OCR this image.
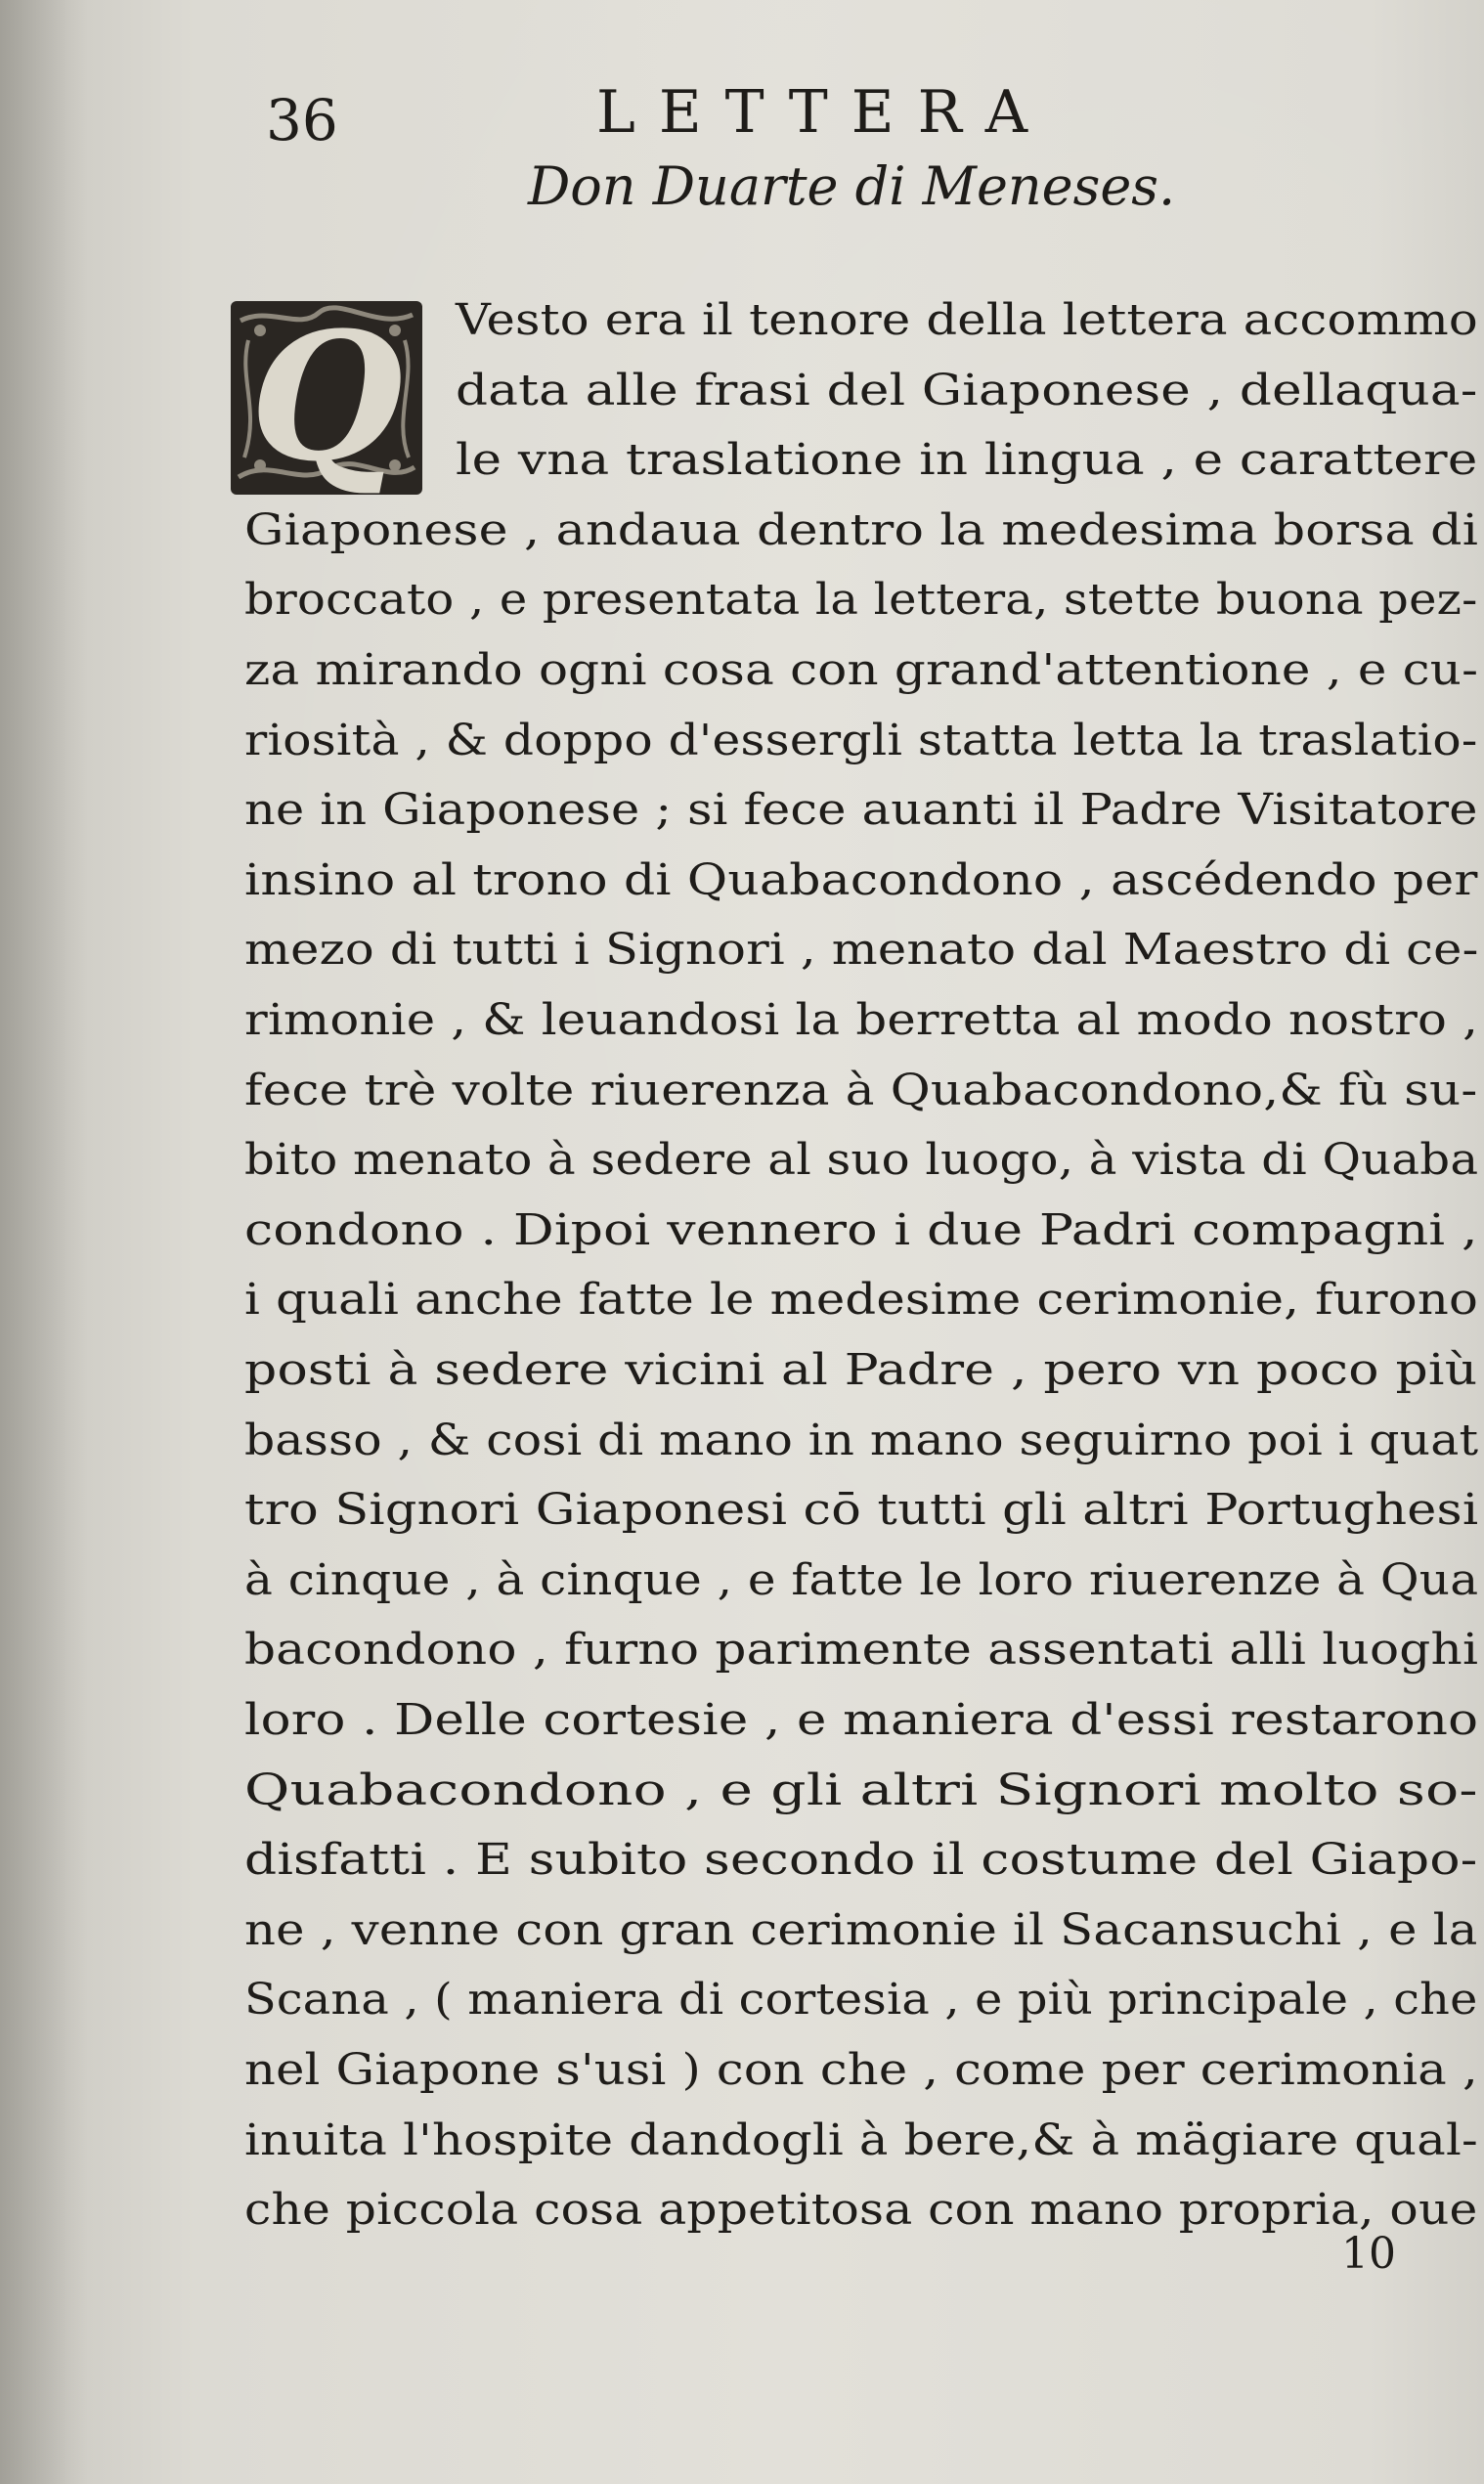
36	LETTERA

Don Duarte di Meneses.

Q Vesto era il tenore della lettera accommo
data alle frasi del Giaponese , dellaqua-
le vna traslatione in lingua , e carattere
Giaponese , andaua dentro la medesima borsa di
broccato , e presentata la lettera, stette buona pez-
za mirando ogni cosa con grand'attentione , e cu-
riosità , & doppo d'essergli statta letta la traslatio-
ne in Giaponese ; si fece auanti il Padre Visitatore
insino al trono di Quabacondono , ascédendo per
mezo di tutti i Signori , menato dal Maestro di ce-
rimonie , & leuandosi la berretta al modo nostro ,
fece trè volte riuerenza à Quabacondono,& fù su-
bito menato à sedere al suo luogo, à vista di Quaba
condono . Dipoi vennero i due Padri compagni ,
i quali anche fatte le medesime cerimonie, furono
posti à sedere vicini al Padre , pero vn poco più
basso , & cosi di mano in mano seguirno poi i quat
tro Signori Giaponesi cō tutti gli altri Portughesi
à cinque , à cinque , e fatte le loro riuerenze à Qua
bacondono , furno parimente assentati alli luoghi
loro . Delle cortesie , e maniera d'essi restarono
Quabacondono , e gli altri Signori molto so-
disfatti . E subito secondo il costume del Giapo-
ne , venne con gran cerimonie il Sacansuchi , e la
Scana , ( maniera di cortesia , e più principale , che
nel Giapone s'usi ) con che , come per cerimonia ,
inuita l'hospite dandogli à bere,& à mägiare qual-
che piccola cosa appetitosa con mano propria, oue

10
